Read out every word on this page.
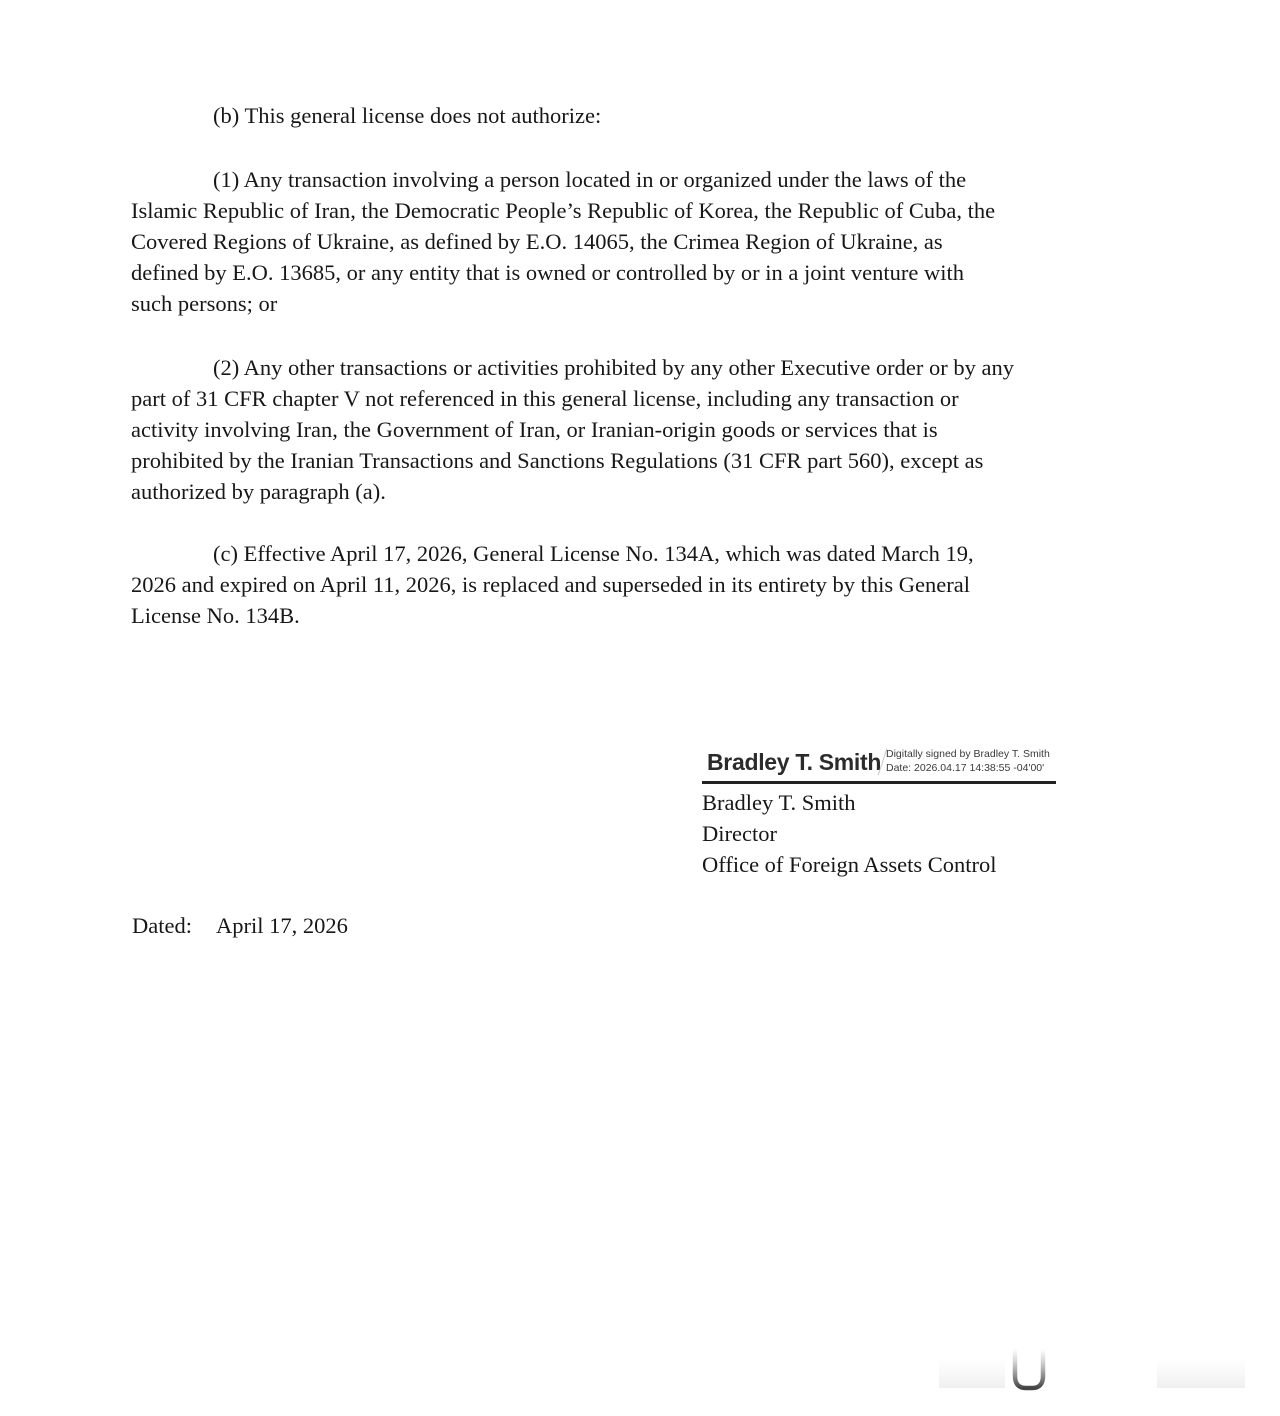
(b) This general license does not authorize:
(1) Any transaction involving a person located in or organized under the laws of the
Islamic Republic of Iran, the Democratic People’s Republic of Korea, the Republic of Cuba, the
Covered Regions of Ukraine, as defined by E.O. 14065, the Crimea Region of Ukraine, as
defined by E.O. 13685, or any entity that is owned or controlled by or in a joint venture with
such persons; or
(2) Any other transactions or activities prohibited by any other Executive order or by any
part of 31 CFR chapter V not referenced in this general license, including any transaction or
activity involving Iran, the Government of Iran, or Iranian-origin goods or services that is
prohibited by the Iranian Transactions and Sanctions Regulations (31 CFR part 560), except as
authorized by paragraph (a).
(c) Effective April 17, 2026, General License No. 134A, which was dated March 19,
2026 and expired on April 11, 2026, is replaced and superseded in its entirety by this General
License No. 134B.
Bradley T. Smith Digitally signed by Bradley T. Smith
Date: 2026.04.17 14:38:55 -04'00'
Bradley T. Smith
Director
Office of Foreign Assets Control
Dated: April 17, 2026
